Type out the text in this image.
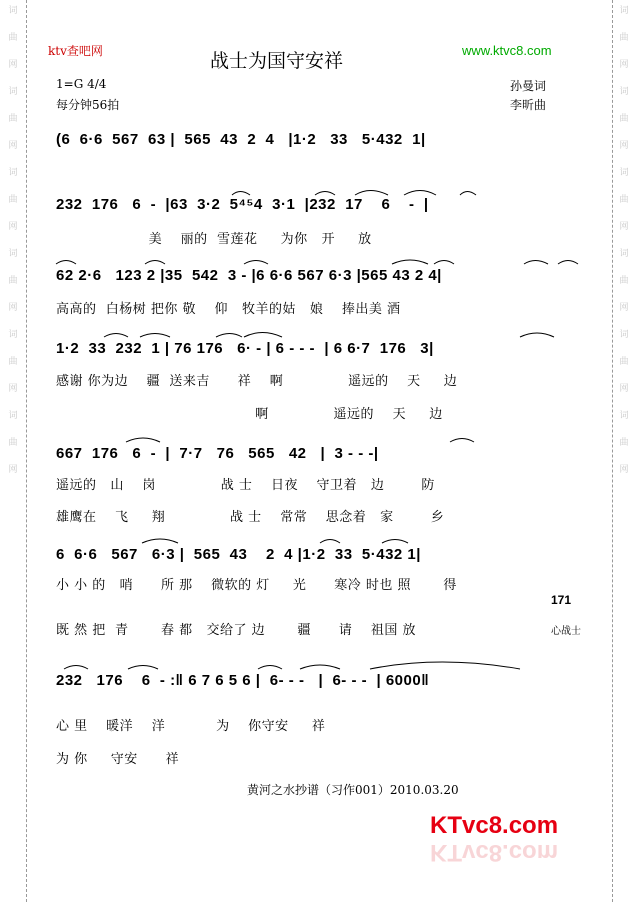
词
曲
网
词
曲
网
词
曲
网
词
曲
网
词
曲
网
词
曲
网
词
曲
网
词
曲
网
词
曲
网
词
曲
网
词
曲
网
词
曲
网
ktv查吧网	www.ktvc8.com
战士为国守安祥
1=G 4/4
每分钟56拍
孙曼词
李昕曲
(6  6·6  567  63 |  565  43  2  4   |1·2   33   5·432  1|
232  176   6  -  |63  3·2  5⁴⁵4  3·1  |232  17    6    -  |
美    丽的  雪莲花     为你   开     放
62 2·6   123 2 |35  542  3 - |6 6·6 567 6·3 |565 43 2 4|
高高的  白杨树 把你 敬    仰   牧羊的姑   娘    捧出美 酒
1·2  33  232  1 | 76 176   6· - | 6 - - -  | 6 6·7  176   3|
感谢 你为边    疆  送来吉      祥    啊              遥远的    天     边
啊              遥远的    天     边
667  176   6  -  |  7·7   76   565   42   |  3 - - -|
遥远的   山    岗              战 士    日夜    守卫着   边        防
雄鹰在    飞     翔              战 士    常常    思念着   家        乡
6  6·6   567   6·3 |  565  43    2  4 |1·2  33  5·432 1|
小 小 的   哨      所 那    微软的 灯     光      寒冷 时也 照       得
既 然 把  青       春 都   交给了 边       疆      请    祖国 放
232   176    6  - :‖ 6 7 6 5 6 |  6- - -   |  6- - -  | 6000‖
心 里    暖洋    洋           为    你守安     祥
为 你     守安      祥
171
心战士
黄河之水抄谱（习作001）2010.03.20
KTvc8.com
KTvc8.com
